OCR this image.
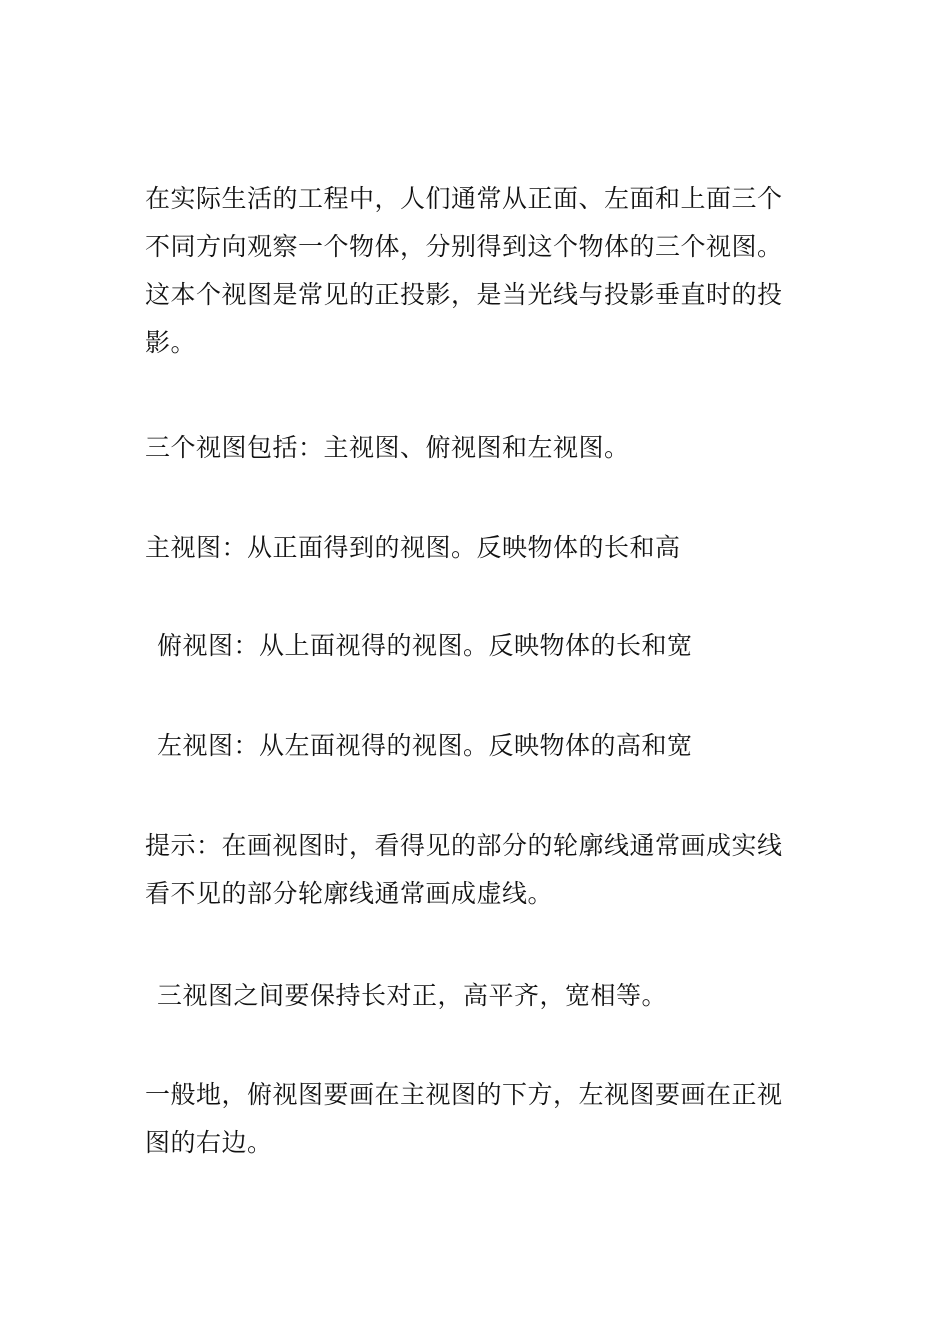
在实际生活的工程中，人们通常从正面、左面和上面三个
不同方向观察一个物体，分别得到这个物体的三个视图。
这本个视图是常见的正投影，是当光线与投影垂直时的投
影。

三个视图包括：主视图、俯视图和左视图。

主视图：从正面得到的视图。反映物体的长和高

俯视图：从上面视得的视图。反映物体的长和宽

左视图：从左面视得的视图。反映物体的高和宽

提示：在画视图时，看得见的部分的轮廓线通常画成实线
看不见的部分轮廓线通常画成虚线。

三视图之间要保持长对正，高平齐，宽相等。

一般地，俯视图要画在主视图的下方，左视图要画在正视
图的右边。
